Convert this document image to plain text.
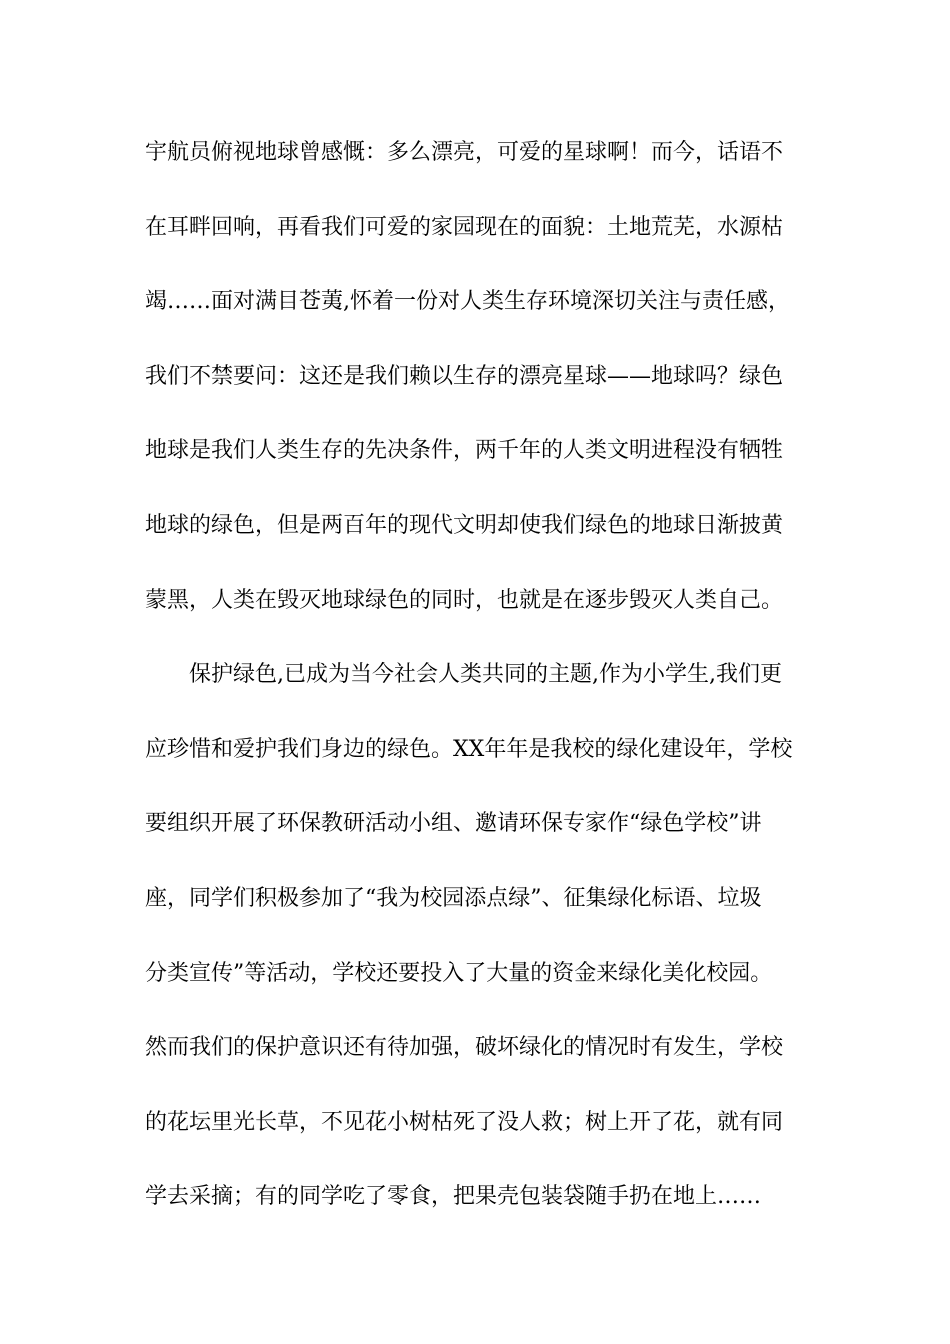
宇航员俯视地球曾感慨：多么漂亮，可爱的星球啊！而今，话语不
在耳畔回响，再看我们可爱的家园现在的面貌：土地荒芜，水源枯
竭……面对满目苍荑,怀着一份对人类生存环境深切关注与责任感，
我们不禁要问：这还是我们赖以生存的漂亮星球——地球吗？绿色
地球是我们人类生存的先决条件，两千年的人类文明进程没有牺牲
地球的绿色，但是两百年的现代文明却使我们绿色的地球日渐披黄
蒙黑，人类在毁灭地球绿色的同时，也就是在逐步毁灭人类自己。
保护绿色,已成为当今社会人类共同的主题,作为小学生,我们更
应珍惜和爱护我们身边的绿色。XX年年是我校的绿化建设年，学校
要组织开展了环保教研活动小组、邀请环保专家作“绿色学校”讲
座，同学们积极参加了“我为校园添点绿”、征集绿化标语、垃圾
分类宣传”等活动，学校还要投入了大量的资金来绿化美化校园。
然而我们的保护意识还有待加强，破坏绿化的情况时有发生，学校
的花坛里光长草，不见花小树枯死了没人救；树上开了花，就有同
学去采摘；有的同学吃了零食，把果壳包装袋随手扔在地上……
